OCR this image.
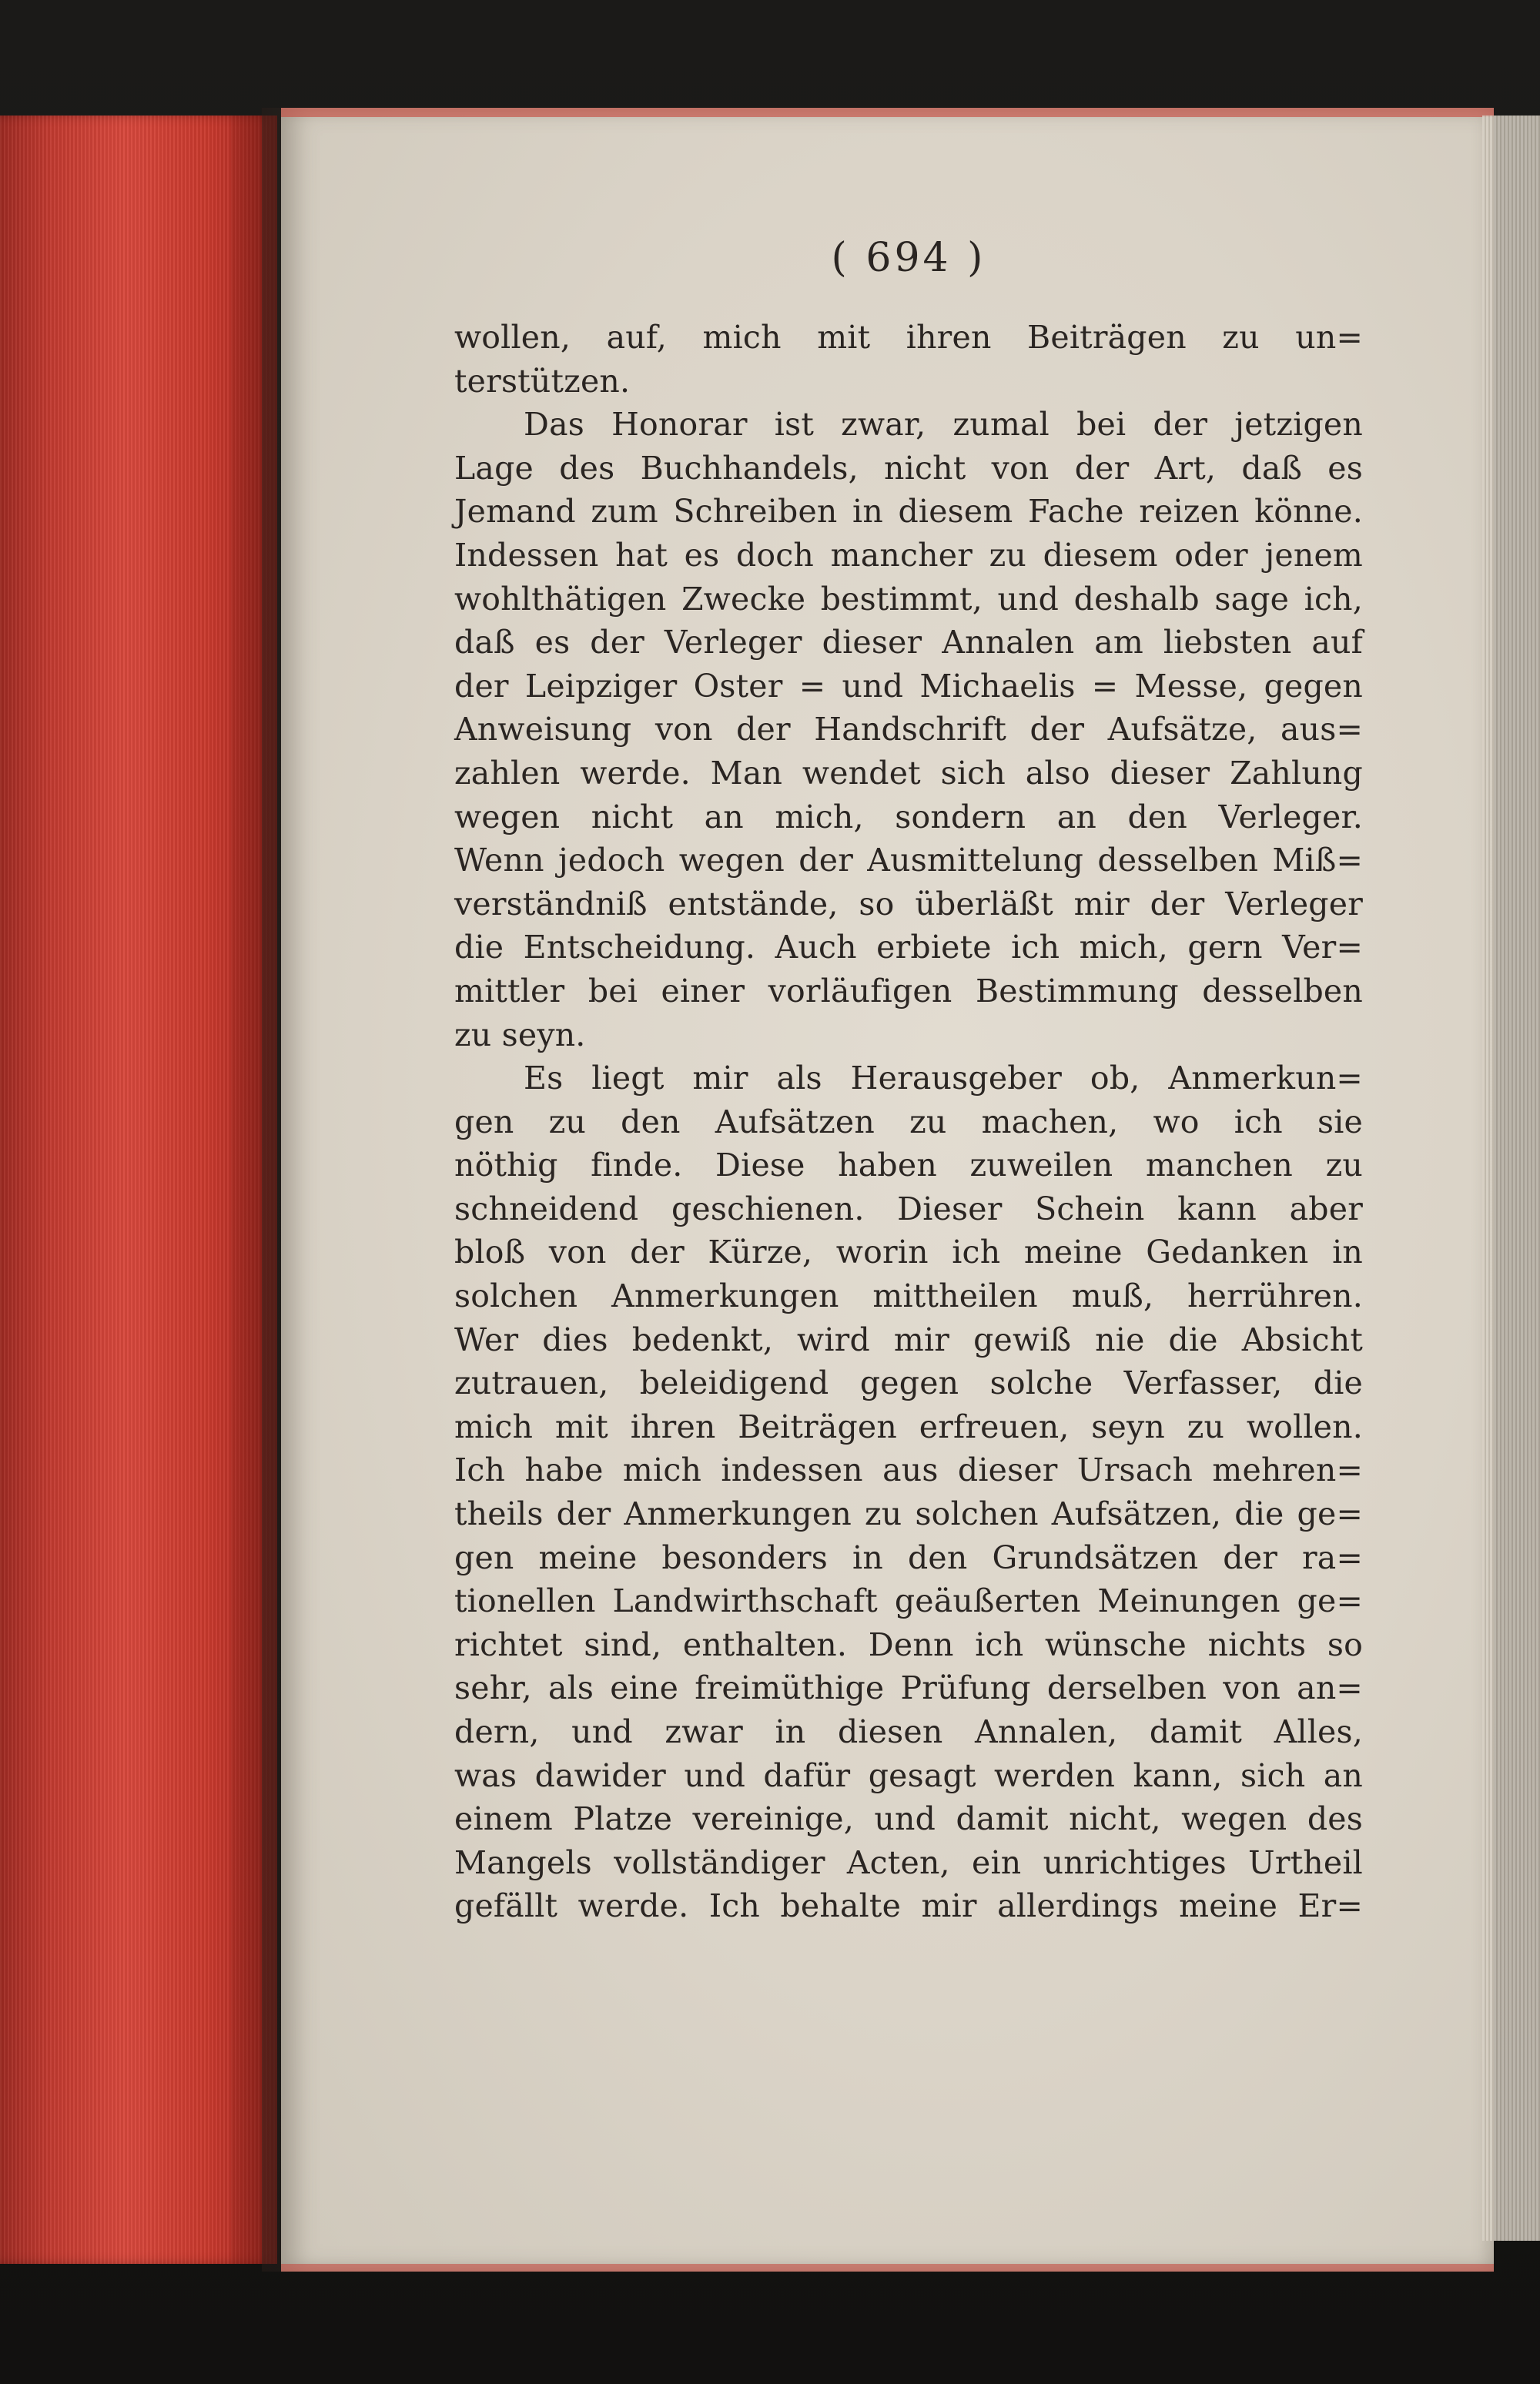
( 694 )
wollen, auf, mich mit ihren Beiträgen zu un=
terstützen.
Das Honorar ist zwar, zumal bei der jetzigen
Lage des Buchhandels, nicht von der Art, daß es
Jemand zum Schreiben in diesem Fache reizen könne.
Indessen hat es doch mancher zu diesem oder jenem
wohlthätigen Zwecke bestimmt, und deshalb sage ich,
daß es der Verleger dieser Annalen am liebsten auf
der Leipziger Oster = und Michaelis = Messe, gegen
Anweisung von der Handschrift der Aufsätze, aus=
zahlen werde. Man wendet sich also dieser Zahlung
wegen nicht an mich, sondern an den Verleger.
Wenn jedoch wegen der Ausmittelung desselben Miß=
verständniß entstände, so überläßt mir der Verleger
die Entscheidung. Auch erbiete ich mich, gern Ver=
mittler bei einer vorläufigen Bestimmung desselben
zu seyn.
Es liegt mir als Herausgeber ob, Anmerkun=
gen zu den Aufsätzen zu machen, wo ich sie
nöthig finde. Diese haben zuweilen manchen zu
schneidend geschienen. Dieser Schein kann aber
bloß von der Kürze, worin ich meine Gedanken in
solchen Anmerkungen mittheilen muß, herrühren.
Wer dies bedenkt, wird mir gewiß nie die Absicht
zutrauen, beleidigend gegen solche Verfasser, die
mich mit ihren Beiträgen erfreuen, seyn zu wollen.
Ich habe mich indessen aus dieser Ursach mehren=
theils der Anmerkungen zu solchen Aufsätzen, die ge=
gen meine besonders in den Grundsätzen der ra=
tionellen Landwirthschaft geäußerten Meinungen ge=
richtet sind, enthalten. Denn ich wünsche nichts so
sehr, als eine freimüthige Prüfung derselben von an=
dern, und zwar in diesen Annalen, damit Alles,
was dawider und dafür gesagt werden kann, sich an
einem Platze vereinige, und damit nicht, wegen des
Mangels vollständiger Acten, ein unrichtiges Urtheil
gefällt werde. Ich behalte mir allerdings meine Er=
